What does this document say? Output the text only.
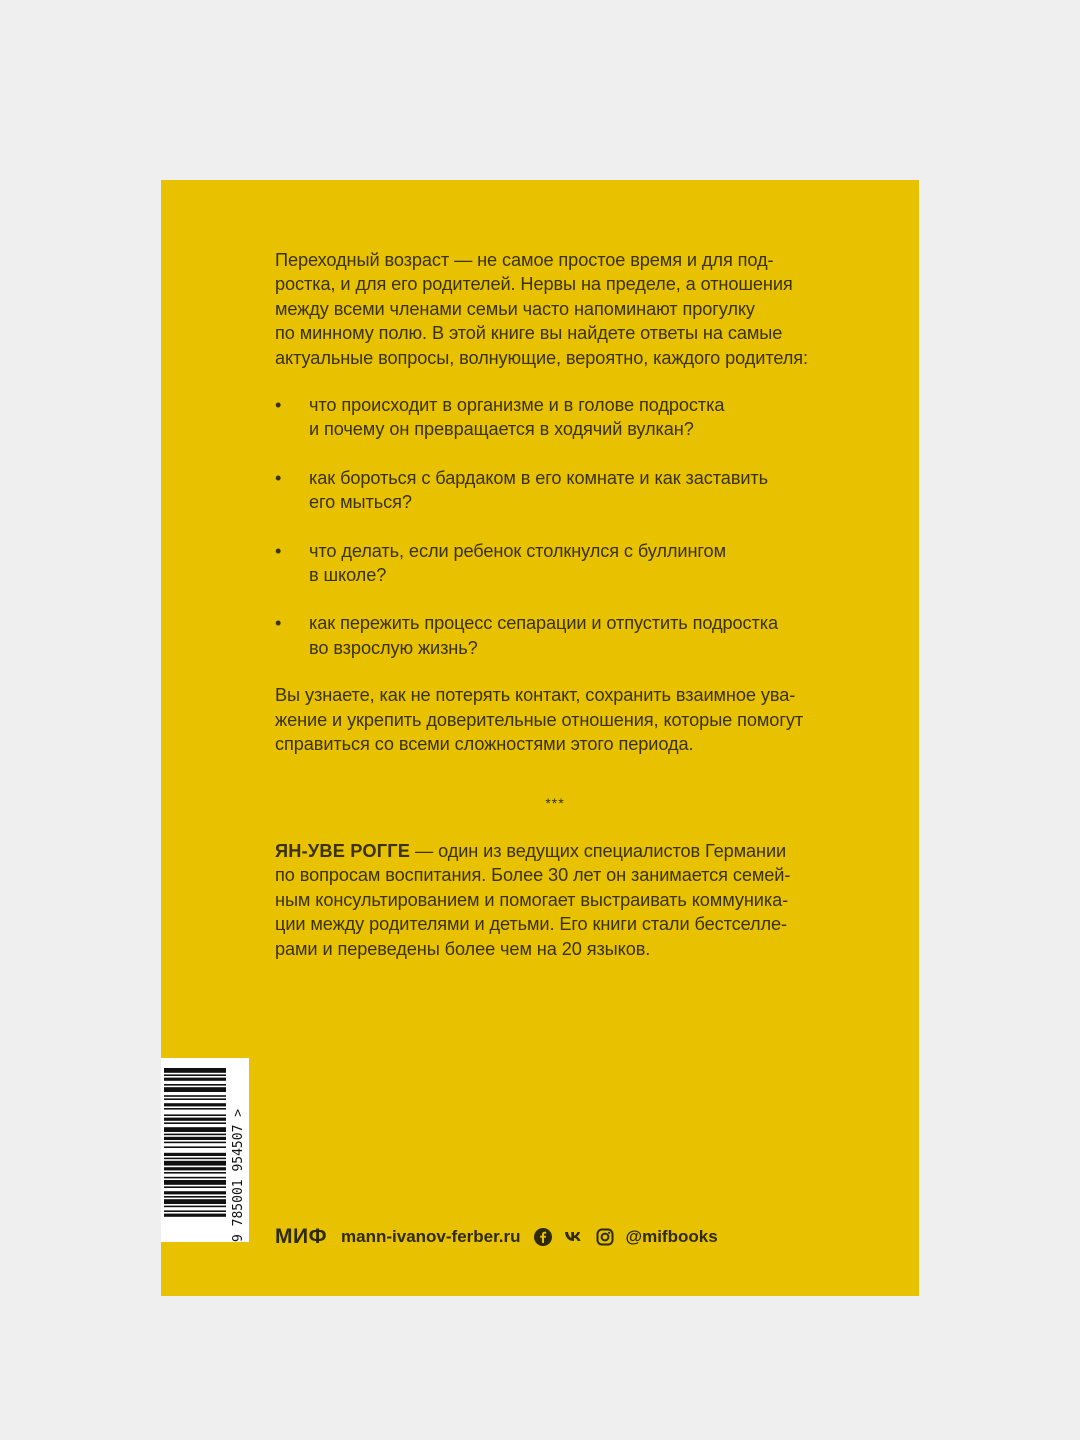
Переходный возраст — не самое простое время и для под-
ростка, и для его родителей. Нервы на пределе, а отношения
между всеми членами семьи часто напоминают прогулку
по минному полю. В этой книге вы найдете ответы на самые
актуальные вопросы, волнующие, вероятно, каждого родителя:

• что происходит в организме и в голове подростка
и почему он превращается в ходячий вулкан?
• как бороться с бардаком в его комнате и как заставить
его мыться?
• что делать, если ребенок столкнулся с буллингом
в школе?
• как пережить процесс сепарации и отпустить подростка
во взрослую жизнь?

Вы узнаете, как не потерять контакт, сохранить взаимное ува-
жение и укрепить доверительные отношения, которые помогут
справиться со всеми сложностями этого периода.

***

ЯН-УВЕ РОГГЕ — один из ведущих специалистов Германии
по вопросам воспитания. Более 30 лет он занимается семей-
ным консультированием и помогает выстраивать коммуника-
ции между родителями и детьми. Его книги стали бестселле-
рами и переведены более чем на 20 языков.

9 785001 954507 > МИФ mann-ivanov-ferber.ru	@mifbooks
